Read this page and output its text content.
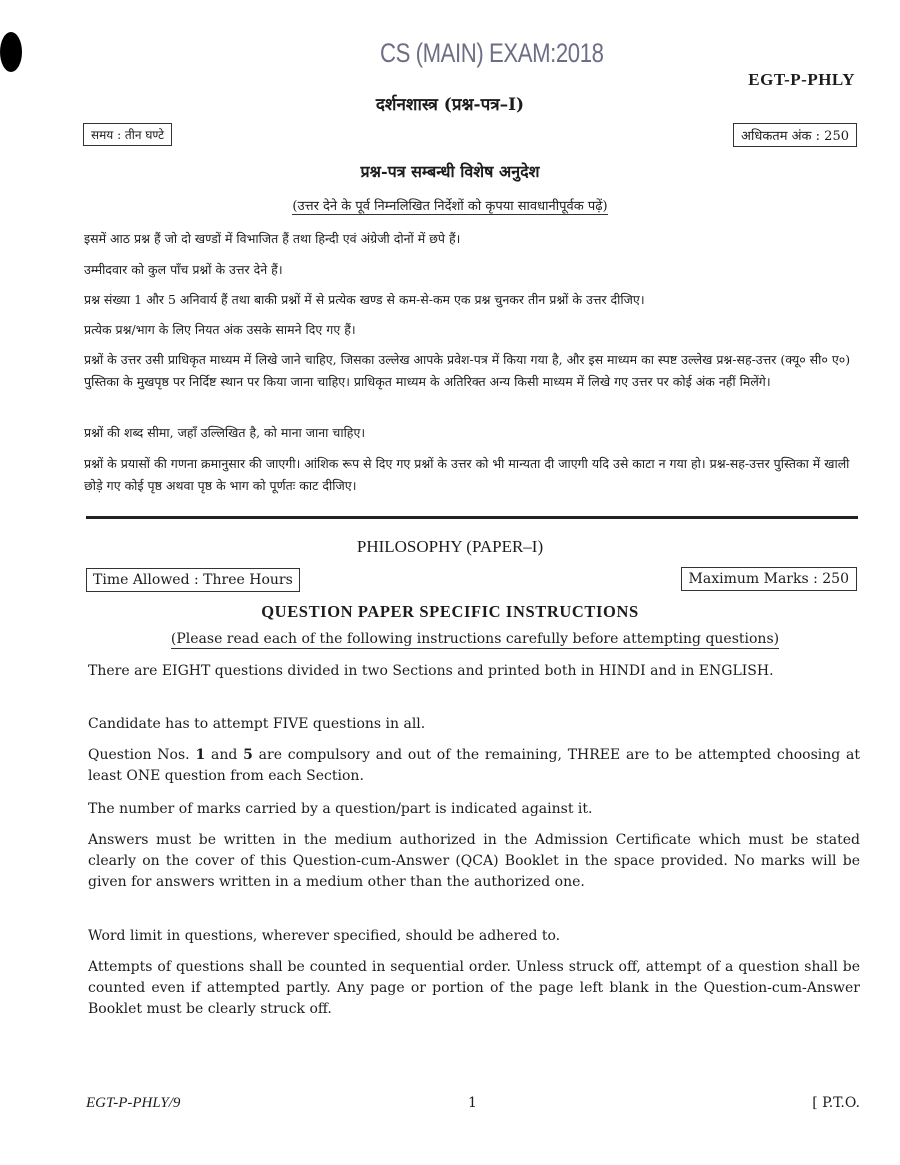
CS (MAIN) EXAM:2018
EGT-P-PHLY
दर्शनशास्त्र (प्रश्न-पत्र–I)
समय : तीन घण्टे	अधिकतम अंक : 250
प्रश्न-पत्र सम्बन्धी विशेष अनुदेश
(उत्तर देने के पूर्व निम्नलिखित निर्देशों को कृपया सावधानीपूर्वक पढ़ें)
इसमें आठ प्रश्न हैं जो दो खण्डों में विभाजित हैं तथा हिन्दी एवं अंग्रेजी दोनों में छपे हैं।
उम्मीदवार को कुल पाँच प्रश्नों के उत्तर देने हैं।
प्रश्न संख्या 1 और 5 अनिवार्य हैं तथा बाकी प्रश्नों में से प्रत्येक खण्ड से कम-से-कम एक प्रश्न चुनकर तीन प्रश्नों के उत्तर दीजिए।
प्रत्येक प्रश्न/भाग के लिए नियत अंक उसके सामने दिए गए हैं।
प्रश्नों के उत्तर उसी प्राधिकृत माध्यम में लिखे जाने चाहिए, जिसका उल्लेख आपके प्रवेश-पत्र में किया गया है, और इस माध्यम का स्पष्ट उल्लेख प्रश्न-सह-उत्तर (क्यू० सी० ए०) पुस्तिका के मुखपृष्ठ पर निर्दिष्ट स्थान पर किया जाना चाहिए। प्राधिकृत माध्यम के अतिरिक्त अन्य किसी माध्यम में लिखे गए उत्तर पर कोई अंक नहीं मिलेंगे।
प्रश्नों की शब्द सीमा, जहाँ उल्लिखित है, को माना जाना चाहिए।
प्रश्नों के प्रयासों की गणना क्रमानुसार की जाएगी। आंशिक रूप से दिए गए प्रश्नों के उत्तर को भी मान्यता दी जाएगी यदि उसे काटा न गया हो। प्रश्न-सह-उत्तर पुस्तिका में खाली छोड़े गए कोई पृष्ठ अथवा पृष्ठ के भाग को पूर्णतः काट दीजिए।
PHILOSOPHY (PAPER–I)
Time Allowed : Three Hours	Maximum Marks : 250
QUESTION PAPER SPECIFIC INSTRUCTIONS
(Please read each of the following instructions carefully before attempting questions)
There are EIGHT questions divided in two Sections and printed both in HINDI and in ENGLISH.
Candidate has to attempt FIVE questions in all.
Question Nos. 1 and 5 are compulsory and out of the remaining, THREE are to be attempted choosing at least ONE question from each Section.
The number of marks carried by a question/part is indicated against it.
Answers must be written in the medium authorized in the Admission Certificate which must be stated clearly on the cover of this Question-cum-Answer (QCA) Booklet in the space provided. No marks will be given for answers written in a medium other than the authorized one.
Word limit in questions, wherever specified, should be adhered to.
Attempts of questions shall be counted in sequential order. Unless struck off, attempt of a question shall be counted even if attempted partly. Any page or portion of the page left blank in the Question-cum-Answer Booklet must be clearly struck off.
EGT-P-PHLY/9	1	[ P.T.O.
